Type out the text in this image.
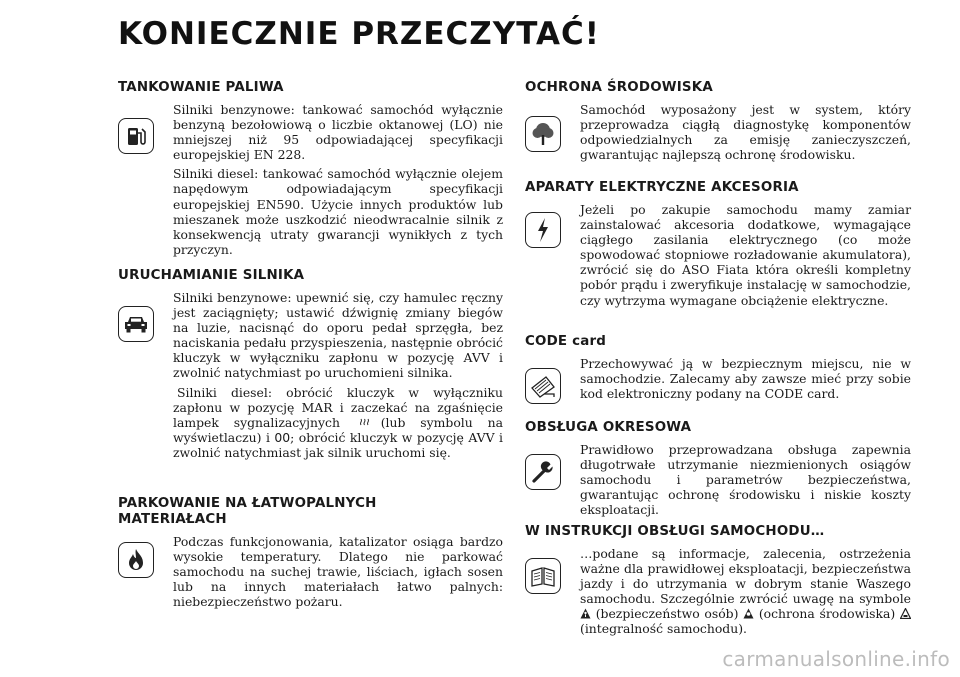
KONIECZNIE PRZECZYTAĆ!
TANKOWANIE PALIWA

Silniki benzynowe: tankować samochód wyłącznie benzyną bezołowiową o liczbie oktanowej (LO) nie mniejszej niż 95 odpowiadającej specyfikacji europejskiej EN 228.

Silniki diesel: tankować samochód wyłącznie olejem napędowym odpowiadającym specyfikacji europejskiej EN590. Użycie innych produktów lub mieszanek może uszkodzić nieodwracalnie silnik z konsekwencją utraty gwarancji wynikłych z tych przyczyn.

URUCHAMIANIE SILNIKA

Silniki benzynowe: upewnić się, czy hamulec ręczny jest zaciągnięty; ustawić dźwignię zmiany biegów na luzie, nacisnąć do oporu pedał sprzęgła, bez naciskania pedału przyspieszenia, następnie obrócić kluczyk w wyłączniku zapłonu w pozycję AVV i zwolnić natychmiast po uruchomieni silnika.

Silniki diesel: obrócić kluczyk w wyłączniku zapłonu w pozycję MAR i zaczekać na zgaśnięcie lampek sygnalizacyjnych	(lub symbolu na wyświetlaczu) i 00; obrócić kluczyk w pozycję AVV i zwolnić natychmiast jak silnik uruchomi się.

PARKOWANIE NA ŁATWOPALNYCH MATERIAŁACH

Podczas funkcjonowania, katalizator osiąga bardzo wysokie temperatury. Dlatego nie parkować samochodu na suchej trawie, liściach, igłach sosen lub na innych materiałach łatwo palnych: niebezpieczeństwo pożaru.

OCHRONA ŚRODOWISKA

Samochód wyposażony jest w system, który przeprowadza ciągłą diagnostykę komponentów odpowiedzialnych za emisję zanieczyszczeń, gwarantując najlepszą ochronę środowisku.

APARATY ELEKTRYCZNE AKCESORIA

Jeżeli po zakupie samochodu mamy zamiar zainstalować akcesoria dodatkowe, wymagające ciągłego zasilania elektrycznego (co może spowodować stopniowe rozładowanie akumulatora), zwrócić się do ASO Fiata która określi kompletny pobór prądu i zweryfikuje instalację w samochodzie, czy wytrzyma wymagane obciążenie elektryczne.

CODE card

Przechowywać ją w bezpiecznym miejscu, nie w samochodzie. Zalecamy aby zawsze mieć przy sobie kod elektroniczny podany na CODE card.

OBSŁUGA OKRESOWA

Prawidłowo przeprowadzana obsługa zapewnia długotrwałe utrzymanie niezmienionych osiągów samochodu i parametrów bezpieczeństwa, gwarantując ochronę środowisku i niskie koszty eksploatacji.

W INSTRUKCJI OBSŁUGI SAMOCHODU…

…podane są informacje, zalecenia, ostrzeżenia ważne dla prawidłowej eksploatacji, bezpieczeństwa jazdy i do utrzymania w dobrym stanie Waszego samochodu. Szczególnie zwrócić uwagę na symbole  (bezpieczeństwo osób) (ochrona środowiska)  (integralność samochodu).

carmanualsonline.info
